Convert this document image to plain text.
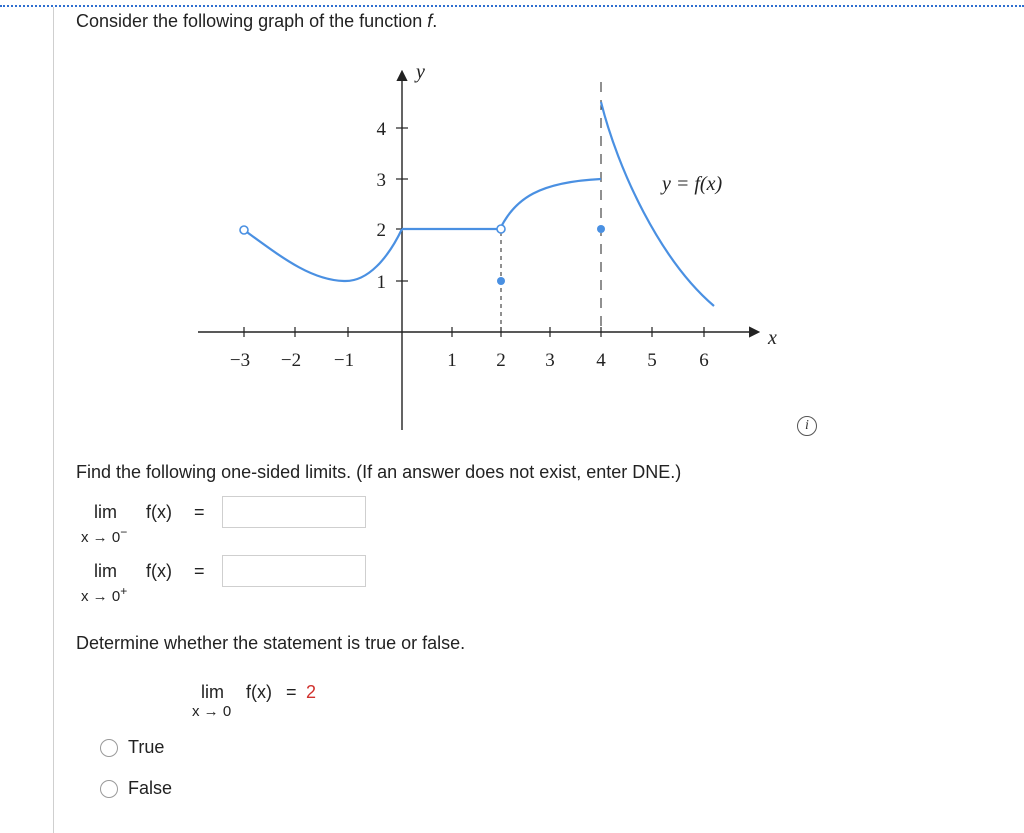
Consider the following graph of the function f.
x
y
−3 −2 −1	1 2 3 4 5 6
1
2
3
4
y = f(x)
i
Find the following one-sided limits. (If an answer does not exist, enter DNE.)
lim f(x)
x → 0−
=
lim f(x)
x → 0+
=
Determine whether the statement is true or false.
lim f(x)
x → 0
= 2
True
False
